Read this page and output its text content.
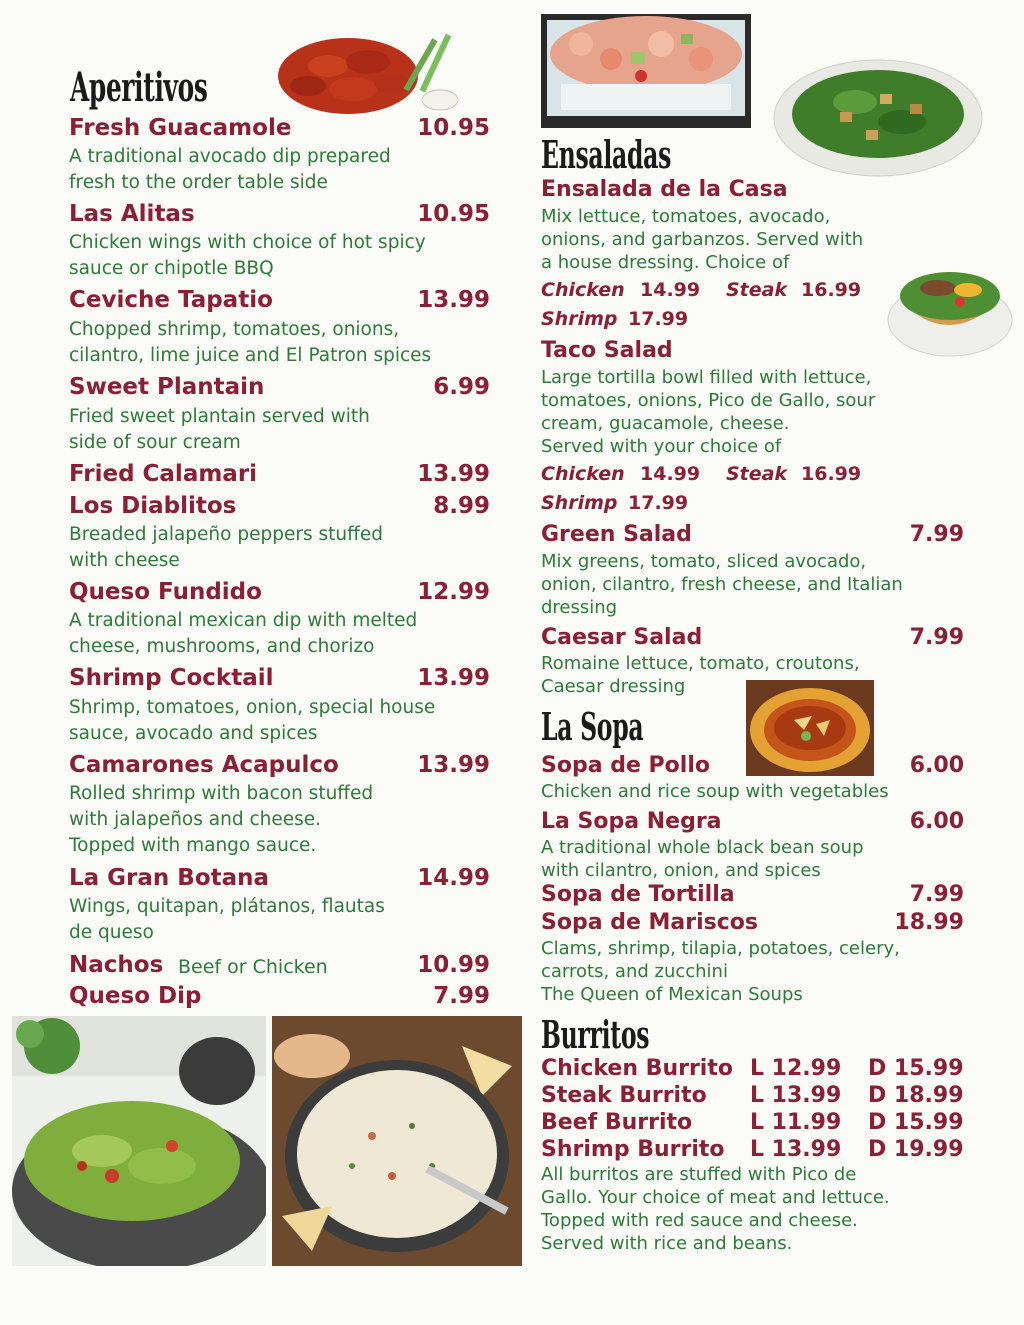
Aperitivos
Fresh Guacamole	10.95
A traditional avocado dip prepared
fresh to the order table side
Las Alitas	10.95
Chicken wings with choice of hot spicy
sauce or chipotle BBQ
Ceviche Tapatio	13.99
Chopped shrimp, tomatoes, onions,
cilantro, lime juice and El Patron spices
Sweet Plantain	6.99
Fried sweet plantain served with
side of sour cream
Fried Calamari	13.99
Los Diablitos	8.99
Breaded jalapeño peppers stuffed
with cheese
Queso Fundido	12.99
A traditional mexican dip with melted
cheese, mushrooms, and chorizo
Shrimp Cocktail	13.99
Shrimp, tomatoes, onion, special house
sauce, avocado and spices
Camarones Acapulco	13.99
Rolled shrimp with bacon stuffed
with jalapeños and cheese.
Topped with mango sauce.
La Gran Botana	14.99
Wings, quitapan, plátanos, flautas
de queso
Nachos Beef or Chicken	10.99
Queso Dip	7.99
Ensaladas
Ensalada de la Casa
Mix lettuce, tomatoes, avocado,
onions, and garbanzos. Served with
a house dressing. Choice of
Chicken 14.99 Steak 16.99
Shrimp 17.99
Taco Salad
Large tortilla bowl filled with lettuce,
tomatoes, onions, Pico de Gallo, sour
cream, guacamole, cheese.
Served with your choice of
Chicken 14.99 Steak 16.99
Shrimp 17.99
Green Salad	7.99
Mix greens, tomato, sliced avocado,
onion, cilantro, fresh cheese, and Italian
dressing
Caesar Salad	7.99
Romaine lettuce, tomato, croutons,
Caesar dressing
La Sopa
Sopa de Pollo	6.00
Chicken and rice soup with vegetables
La Sopa Negra	6.00
A traditional whole black bean soup
with cilantro, onion, and spices
Sopa de Tortilla	7.99
Sopa de Mariscos	18.99
Clams, shrimp, tilapia, potatoes, celery,
carrots, and zucchini
The Queen of Mexican Soups
Burritos
Chicken Burrito L 12.99 D 15.99
Steak Burrito L 13.99 D 18.99
Beef Burrito	L 11.99 D 15.99
Shrimp Burrito L 13.99 D 19.99
All burritos are stuffed with Pico de
Gallo. Your choice of meat and lettuce.
Topped with red sauce and cheese.
Served with rice and beans.
